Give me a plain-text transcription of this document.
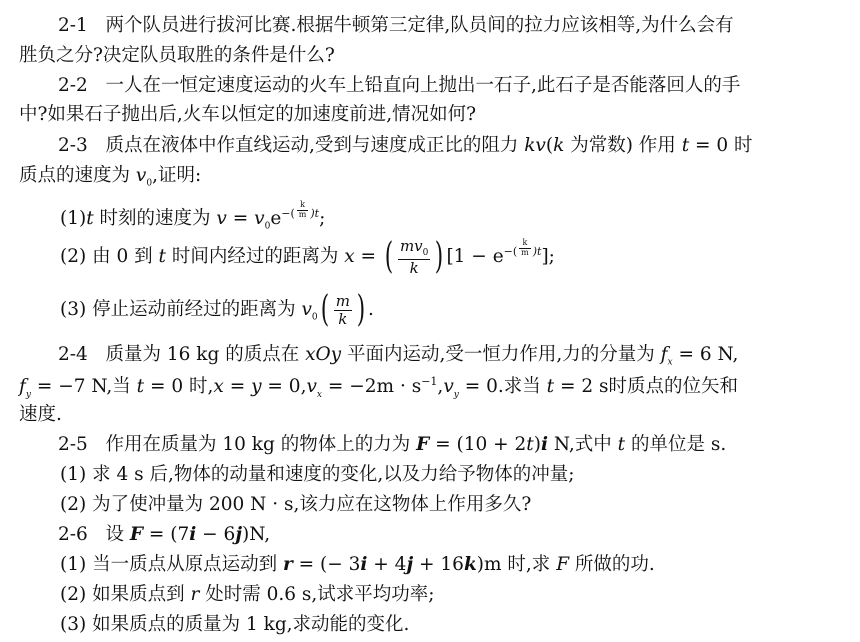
2-1 两个队员进行拔河比赛.根据牛顿第三定律,队员间的拉力应该相等,为什么会有
胜负之分?决定队员取胜的条件是什么?
2-2 一人在一恒定速度运动的火车上铅直向上抛出一石子,此石子是否能落回人的手
中?如果石子抛出后,火车以恒定的加速度前进,情况如何?
2-3 质点在液体中作直线运动,受到与速度成正比的阻力 kv(k 为常数) 作用 t = 0 时
质点的速度为 $v_0$,证明:
(1)t 时刻的速度为 $v = v_0e^{-( \frac{k}{m} )t}$;
(2) 由 0 到 t 时间内经过的距离为 x = ( $\frac{mv_0}{k}$ ) $[1 - e^{-( \frac{k}{m} )t}]$;
(3) 停止运动前经过的距离为 $v_0( \frac{m}{k}$ ) .
2-4 质量为 16 kg 的质点在 xOy 平面内运动,受一恒力作用,力的分量为 $f_x = 6$ N,
$f_y = -7$ N,当 t = 0 时$,x = y = 0,v_x = -2m \cdot s^{-1},v_y = 0$.求当 t = 2 s时质点的位矢和
速度.
2-5 作用在质量为 10 kg 的物体上的力为 F = (10 + 2t)i N,式中 t 的单位是 s.
(1) 求 4 s 后,物体的动量和速度的变化,以及力给予物体的冲量;
(2) 为了使冲量为 200 N · s,该力应在这物体上作用多久?
2-6 设 F = (7i − 6j)N,
(1) 当一质点从原点运动到 r = (− 3i + 4j + 16k)m 时,求 F 所做的功.
(2) 如果质点到 r 处时需 0.6 s,试求平均功率;
(3) 如果质点的质量为 1 kg,求动能的变化.
